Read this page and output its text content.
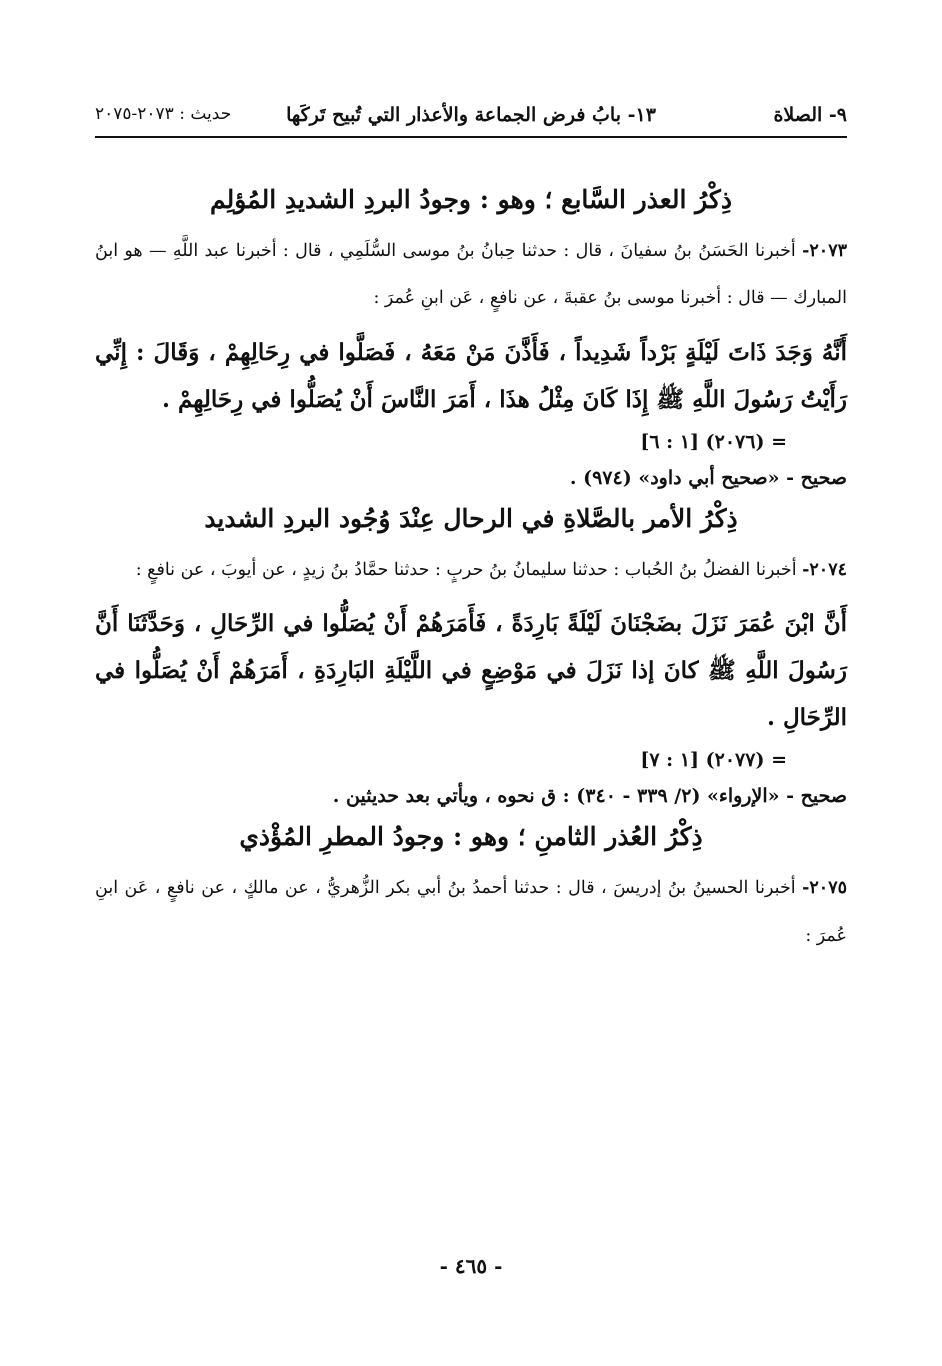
٩- الصلاة
١٣- بابُ فرض الجماعة والأعذار التي تُبيح تَركَها
حديث : ٢٠٧٣-٢٠٧٥
ذِكْرُ العذر السَّابع ؛ وهو : وجودُ البردِ الشديدِ المُؤلِم

٢٠٧٣- أخبرنا الحَسَنُ بنُ سفيانَ ، قال : حدثنا حِبانُ بنُ موسى السُّلَمِي ، قال : أخبرنا عبد اللَّهِ — هو ابنُ المبارك — قال : أخبرنا موسى بنُ عقبةَ ، عن نافعٍ ، عَن ابنِ عُمرَ :

أَنَّهُ وَجَدَ ذَاتَ لَيْلَةٍ بَرْداً شَدِيداً ، فَأَذَّنَ مَنْ مَعَهُ ، فَصَلَّوا في رِحَالِهِمْ ، وَقَالَ : إِنِّي رَأَيْتُ رَسُولَ اللَّهِ ﷺ إِذَا كَانَ مِثْلُ هذَا ، أَمَرَ النَّاسَ أَنْ يُصَلُّوا في رِحَالِهِمْ .

= (٢٠٧٦) [١ : ٦]
صحيح - «صحيح أبي داود» (٩٧٤) .
ذِكْرُ الأمر بالصَّلاةِ في الرحال عِنْدَ وُجُود البردِ الشديد

٢٠٧٤- أخبرنا الفضلُ بنُ الحُباب : حدثنا سليمانُ بنُ حربٍ : حدثنا حمَّادُ بنُ زيدٍ ، عن أيوبَ ، عن نافعٍ :

أَنَّ ابْنَ عُمَرَ نَزَلَ بضَجْنَانَ لَيْلَةً بَارِدَةً ، فَأَمَرَهُمْ أَنْ يُصَلُّوا في الرِّحَالِ ، وَحَدَّثَنَا أَنَّ رَسُولَ اللَّهِ ﷺ كانَ إذا نَزَلَ في مَوْضِعٍ في اللَّيْلَةِ البَارِدَةِ ، أَمَرَهُمْ أَنْ يُصَلُّوا في الرِّحَالِ .

= (٢٠٧٧) [١ : ٧]
صحيح - «الإرواء» (٢/ ٣٣٩ - ٣٤٠) : ق نحوه ، ويأتي بعد حديثين .
ذِكْرُ العُذر الثامنِ ؛ وهو : وجودُ المطرِ المُؤْذي

٢٠٧٥- أخبرنا الحسينُ بنُ إدريسَ ، قال : حدثنا أحمدُ بنُ أبي بكر الزُّهريُّ ، عن مالكٍ ، عن نافعٍ ، عَن ابنِ عُمرَ :

- ٤٦٥ -
